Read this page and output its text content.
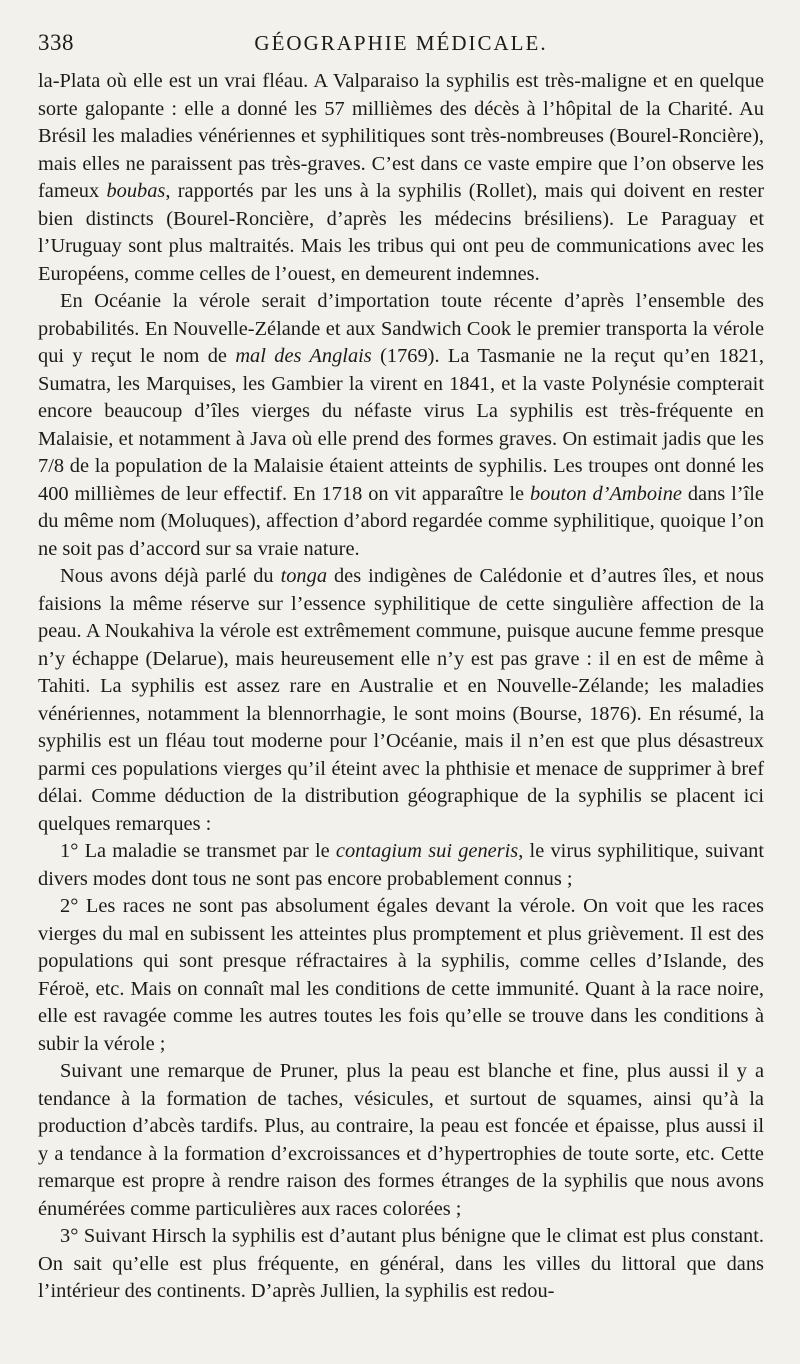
338	GÉOGRAPHIE MÉDICALE.

la-Plata où elle est un vrai fléau. A Valparaiso la syphilis est très-maligne et en quelque sorte galopante : elle a donné les 57 millièmes des décès à l’hôpital de la Charité. Au Brésil les maladies vénériennes et syphilitiques sont très-nombreuses (Bourel-Roncière), mais elles ne paraissent pas très-graves. C’est dans ce vaste empire que l’on observe les fameux boubas, rapportés par les uns à la syphilis (Rollet), mais qui doivent en rester bien distincts (Bourel-Roncière, d’après les médecins brésiliens). Le Paraguay et l’Uruguay sont plus maltraités. Mais les tribus qui ont peu de communications avec les Européens, comme celles de l’ouest, en demeurent indemnes.

En Océanie la vérole serait d’importation toute récente d’après l’ensemble des probabilités. En Nouvelle-Zélande et aux Sandwich Cook le premier transporta la vérole qui y reçut le nom de mal des Anglais (1769). La Tasmanie ne la reçut qu’en 1821, Sumatra, les Marquises, les Gambier la virent en 1841, et la vaste Polynésie compterait encore beaucoup d’îles vierges du néfaste virus La syphilis est très-fréquente en Malaisie, et notamment à Java où elle prend des formes graves. On estimait jadis que les 7/8 de la population de la Malaisie étaient atteints de syphilis. Les troupes ont donné les 400 millièmes de leur effectif. En 1718 on vit apparaître le bouton d’Amboine dans l’île du même nom (Moluques), affection d’abord regardée comme syphilitique, quoique l’on ne soit pas d’accord sur sa vraie nature.

Nous avons déjà parlé du tonga des indigènes de Calédonie et d’autres îles, et nous faisions la même réserve sur l’essence syphilitique de cette singulière affection de la peau. A Noukahiva la vérole est extrêmement commune, puisque aucune femme presque n’y échappe (Delarue), mais heureusement elle n’y est pas grave : il en est de même à Tahiti. La syphilis est assez rare en Australie et en Nouvelle-Zélande; les maladies vénériennes, notamment la blennorrhagie, le sont moins (Bourse, 1876). En résumé, la syphilis est un fléau tout moderne pour l’Océanie, mais il n’en est que plus désastreux parmi ces populations vierges qu’il éteint avec la phthisie et menace de supprimer à bref délai. Comme déduction de la distribution géographique de la syphilis se placent ici quelques remarques :

1° La maladie se transmet par le contagium sui generis, le virus syphilitique, suivant divers modes dont tous ne sont pas encore probablement connus ;

2° Les races ne sont pas absolument égales devant la vérole. On voit que les races vierges du mal en subissent les atteintes plus promptement et plus grièvement. Il est des populations qui sont presque réfractaires à la syphilis, comme celles d’Islande, des Féroë, etc. Mais on connaît mal les conditions de cette immunité. Quant à la race noire, elle est ravagée comme les autres toutes les fois qu’elle se trouve dans les conditions à subir la vérole ;

Suivant une remarque de Pruner, plus la peau est blanche et fine, plus aussi il y a tendance à la formation de taches, vésicules, et surtout de squames, ainsi qu’à la production d’abcès tardifs. Plus, au contraire, la peau est foncée et épaisse, plus aussi il y a tendance à la formation d’excroissances et d’hypertrophies de toute sorte, etc. Cette remarque est propre à rendre raison des formes étranges de la syphilis que nous avons énumérées comme particulières aux races colorées ;

3° Suivant Hirsch la syphilis est d’autant plus bénigne que le climat est plus constant. On sait qu’elle est plus fréquente, en général, dans les villes du littoral que dans l’intérieur des continents. D’après Jullien, la syphilis est redou-
